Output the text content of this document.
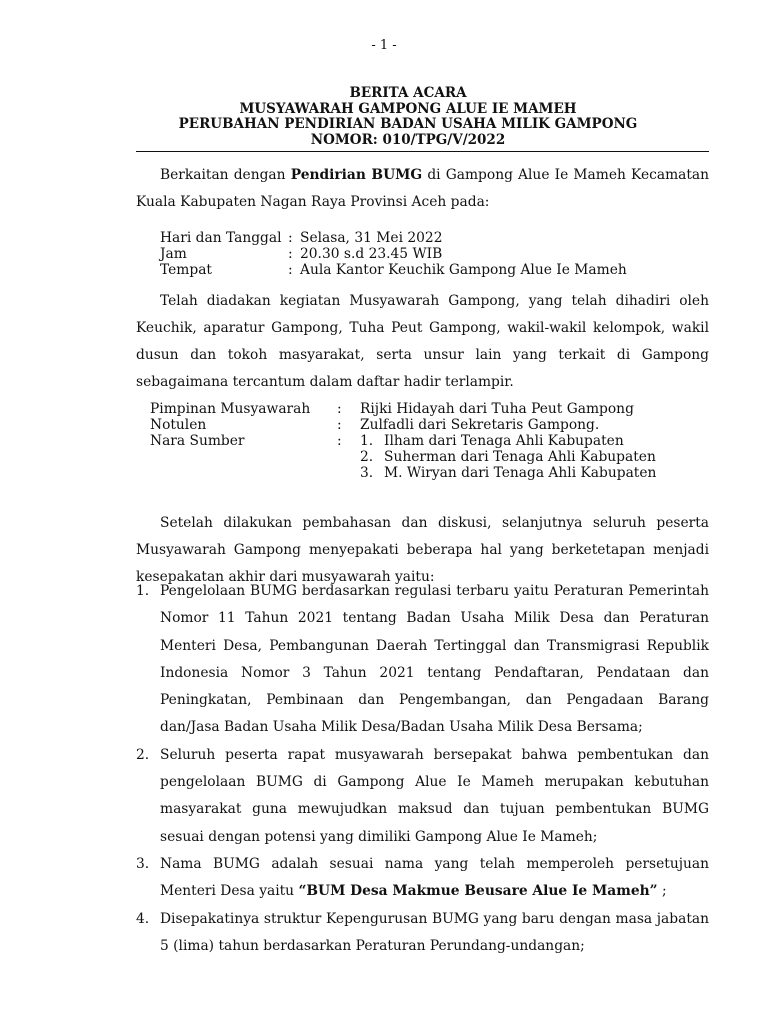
- 1 -
BERITA ACARA
MUSYAWARAH GAMPONG ALUE IE MAMEH
PERUBAHAN PENDIRIAN BADAN USAHA MILIK GAMPONG
NOMOR: 010/TPG/V/2022

Berkaitan dengan Pendirian BUMG di Gampong Alue Ie Mameh Kecamatan Kuala Kabupaten Nagan Raya Provinsi Aceh pada:

Hari dan Tanggal : Selasa, 31 Mei 2022
Jam	: 20.30 s.d 23.45 WIB
Tempat	: Aula Kantor Keuchik Gampong Alue Ie Mameh

Telah diadakan kegiatan Musyawarah Gampong, yang telah dihadiri oleh Keuchik, aparatur Gampong, Tuha Peut Gampong, wakil-wakil kelompok, wakil dusun dan tokoh masyarakat, serta unsur lain yang terkait di Gampong sebagaimana tercantum dalam daftar hadir terlampir.

Pimpinan Musyawarah : Rijki Hidayah dari Tuha Peut Gampong
Notulen	: Zulfadli dari Sekretaris Gampong.
Nara Sumber	: 1. Ilham dari Tenaga Ahli Kabupaten
2. Suherman dari Tenaga Ahli Kabupaten
3. M. Wiryan dari Tenaga Ahli Kabupaten

Setelah dilakukan pembahasan dan diskusi, selanjutnya seluruh peserta Musyawarah Gampong menyepakati beberapa hal yang berketetapan menjadi kesepakatan akhir dari musyawarah yaitu:

1. Pengelolaan BUMG berdasarkan regulasi terbaru yaitu Peraturan Pemerintah Nomor 11 Tahun 2021 tentang Badan Usaha Milik Desa dan Peraturan Menteri Desa, Pembangunan Daerah Tertinggal dan Transmigrasi Republik Indonesia Nomor 3 Tahun 2021 tentang Pendaftaran, Pendataan dan Peningkatan, Pembinaan dan Pengembangan, dan Pengadaan Barang dan/Jasa Badan Usaha Milik Desa/Badan Usaha Milik Desa Bersama;
2. Seluruh peserta rapat musyawarah bersepakat bahwa pembentukan dan pengelolaan BUMG di Gampong Alue Ie Mameh merupakan kebutuhan masyarakat guna mewujudkan maksud dan tujuan pembentukan BUMG sesuai dengan potensi yang dimiliki Gampong Alue Ie Mameh;
3. Nama BUMG adalah sesuai nama yang telah memperoleh persetujuan Menteri Desa yaitu “BUM Desa Makmue Beusare Alue Ie Mameh” ;
4. Disepakatinya struktur Kepengurusan BUMG yang baru dengan masa jabatan 5 (lima) tahun berdasarkan Peraturan Perundang-undangan;
